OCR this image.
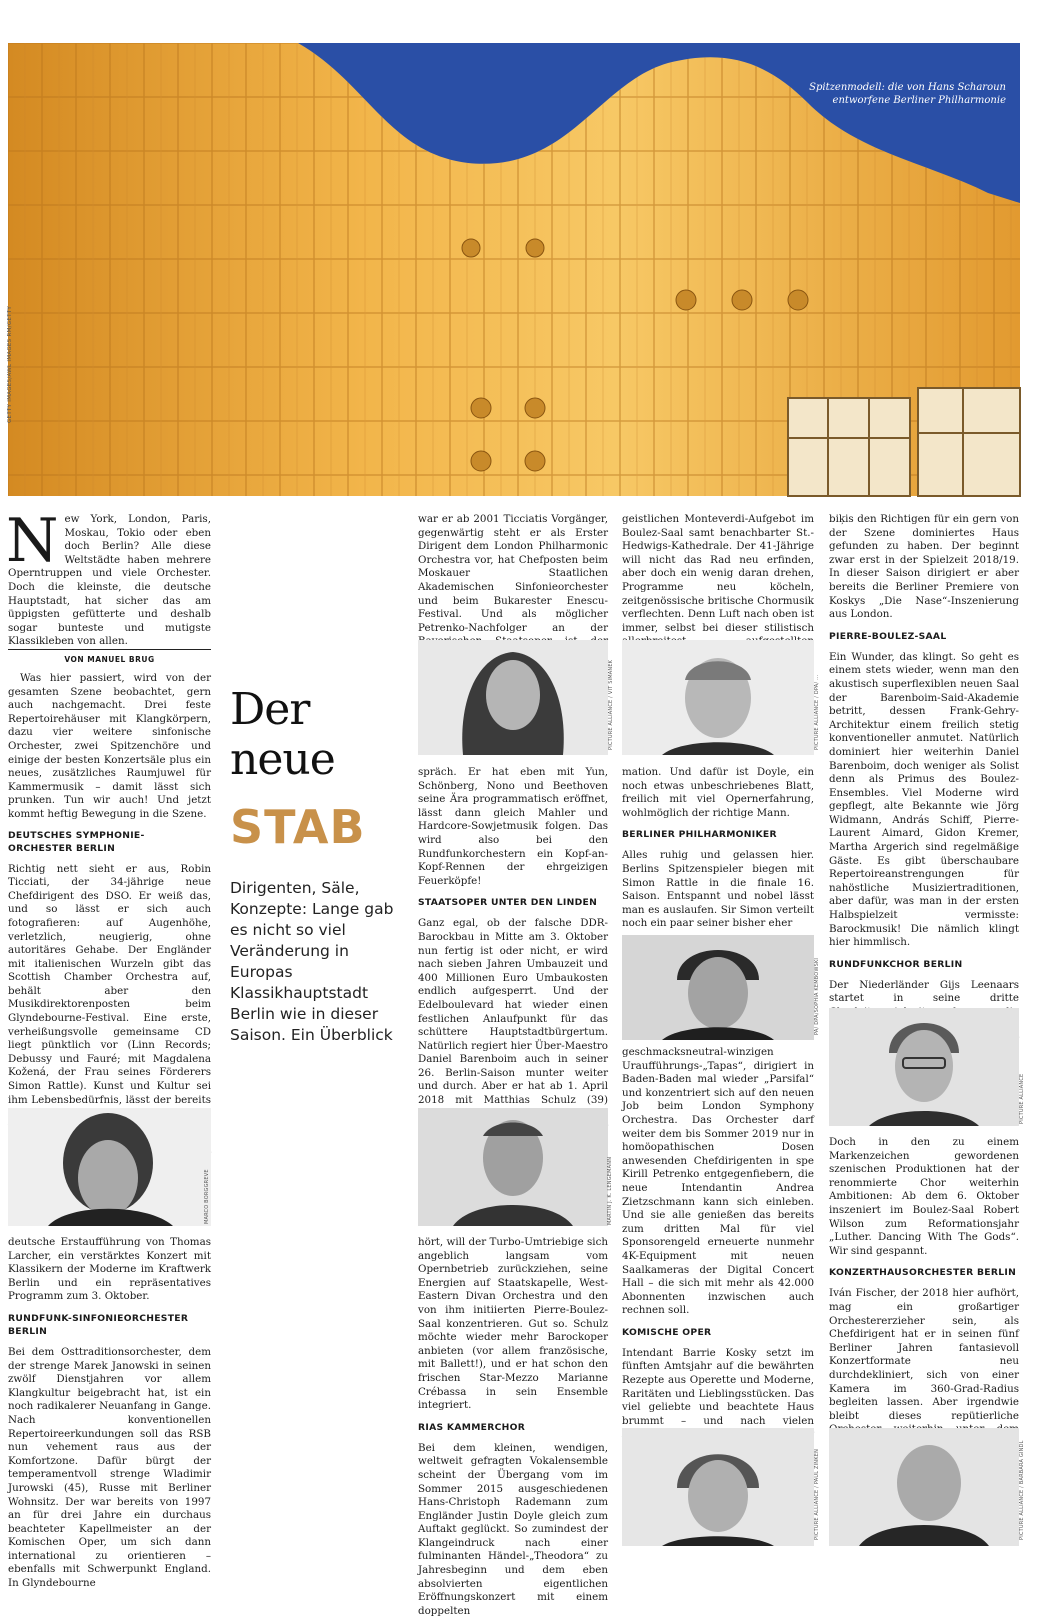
Spitzenmodell: die von Hans Scharoun
entworfene Berliner Philharmonie
GETTY IMAGES/AWL IMAGES RM/GETTY

New York, London, Paris, Moskau, Tokio oder eben doch Berlin? Alle diese Weltstädte haben mehrere Operntruppen und viele Orchester. Doch die kleinste, die deutsche Hauptstadt, hat sicher das am üppigsten gefütterte und deshalb sogar bunteste und mutigste Klassikleben von allen.

VON MANUEL BRUG

Was hier passiert, wird von der gesamten Szene beobachtet, gern auch nachgemacht. Drei feste Repertoirehäuser mit Klangkörpern, dazu vier weitere sinfonische Orchester, zwei Spitzenchöre und einige der besten Konzertsäle plus ein neues, zusätzliches Raumjuwel für Kammermusik – damit lässt sich prunken. Tun wir auch! Und jetzt kommt heftig Bewegung in die Szene.

DEUTSCHES SYMPHONIE-

ORCHESTER BERLIN

Richtig nett sieht er aus, Robin Ticciati, der 34-jährige neue Chefdirigent des DSO. Er weiß das, und so lässt er sich auch fotografieren: auf Augenhöhe, verletzlich, neugierig, ohne autoritäres Gehabe. Der Engländer mit italienischen Wurzeln gibt das Scottish Chamber Orchestra auf, behält aber den Musikdirektorenposten beim Glyndebourne-Festival. Eine erste, verheißungsvolle gemeinsame CD liegt pünktlich vor (Linn Records; Debussy und Fauré; mit Magdalena Kožená, der Frau seines Förderers Simon Rattle). Kunst und Kultur sei ihm Lebensbedürfnis, lässt der bereits

MARCO BORGGREVE

deutsche Erstaufführung von Thomas Larcher, ein verstärktes Konzert mit Klassikern der Moderne im Kraftwerk Berlin und ein repräsentatives Programm zum 3. Oktober.

RUNDFUNK-SINFONIEORCHESTER

BERLIN

Bei dem Osttraditionsorchester, dem der strenge Marek Janowski in seinen zwölf Dienstjahren vor allem Klangkultur beigebracht hat, ist ein noch radikalerer Neuanfang in Gange. Nach konventionellen Repertoireerkundungen soll das RSB nun vehement raus aus der Komfortzone. Dafür bürgt der temperamentvoll strenge Wladimir Jurowski (45), Russe mit Berliner Wohnsitz. Der war bereits von 1997 an für drei Jahre ein durchaus beachteter Kapellmeister an der Komischen Oper, um sich dann international zu orientieren – ebenfalls mit Schwerpunkt England. In Glyndebourne

Der
neue
STAB
Dirigenten, Säle, Konzepte: Lange gab es nicht so viel Veränderung in Europas Klassikhauptstadt Berlin wie in dieser Saison. Ein Überblick

war er ab 2001 Ticciatis Vorgänger, gegenwärtig steht er als Erster Dirigent dem London Philharmonic Orchestra vor, hat Chefposten beim Moskauer Staatlichen Akademischen Sinfonieorchester und beim Bukarester Enescu-Festival. Und als möglicher Petrenko-Nachfolger an der

PICTURE ALLIANCE / VIT SIMANEK

spräch. Er hat eben mit Yun, Schönberg, Nono und Beethoven seine Ära programmatisch eröffnet, lässt dann gleich Mahler und Hardcore-Sowjetmusik folgen. Das wird also bei den Rundfunkorchestern ein Kopf-an-Kopf-Rennen der ehrgeizigen Feuerköpfe!

STAATSOPER UNTER DEN LINDEN

Ganz egal, ob der falsche DDR-Barockbau in Mitte am 3. Oktober nun fertig ist oder nicht, er wird nach sieben Jahren Umbauzeit und 400 Millionen Euro Umbaukosten endlich aufgesperrt. Und der Edelboulevard hat wieder einen festlichen Anlaufpunkt für das schüttere Hauptstadtbürgertum. Natürlich regiert hier Über-Maestro Daniel Barenboim auch in seiner 26. Berlin-Saison munter weiter und durch. Aber er hat ab 1. April 2018 mit Matthias Schulz (39)

MARTIN J. K. LENGEMANN

hört, will der Turbo-Umtriebige sich angeblich langsam vom Opernbetrieb zurückziehen, seine Energien auf Staatskapelle, West-Eastern Divan Orchestra und den von ihm initiierten Pierre-Boulez-Saal konzentrieren. Gut so. Schulz möchte wieder mehr Barockoper anbieten (vor allem französische, mit Ballett!), und er hat schon den frischen Star-Mezzo Marianne Crébassa in sein Ensemble integriert.

RIAS KAMMERCHOR

Bei dem kleinen, wendigen, weltweit gefragten Vokalensemble scheint der Übergang vom im Sommer 2015 ausgeschiedenen Hans-Christoph Rademann zum Engländer Justin Doyle gleich zum Auftakt geglückt. So zumindest der Klangeindruck nach einer fulminanten Händel-„Theodora“ zu Jahresbeginn und dem eben absolvierten eigentlichen Eröffnungskonzert mit einem doppelten

geistlichen Monteverdi-Aufgebot im Boulez-Saal samt benachbarter St.-Hedwigs-Kathedrale. Der 41-Jährige will nicht das Rad neu erfinden, aber doch ein wenig daran drehen, Programme neu köcheln, zeitgenössische britische Chormusik verflechten. Denn Luft nach oben ist immer, selbst bei dieser stilistisch

PICTURE ALLIANCE / DPA/ ...

mation. Und dafür ist Doyle, ein noch etwas unbeschriebenes Blatt, freilich mit viel Opernerfahrung, wohlmöglich der richtige Mann.

BERLINER PHILHARMONIKER

Alles ruhig und gelassen hier. Berlins Spitzenspieler biegen mit Simon Rattle in die finale 16. Saison. Entspannt und nobel lässt man es auslaufen. Sir Simon verteilt noch ein paar seiner bisher eher

PA/ DPA/SOPHIA KEMBOWSKI

geschmacksneutral-winzigen Uraufführungs-„Tapas“, dirigiert in Baden-Baden mal wieder „Parsifal“ und konzentriert sich auf den neuen Job beim London Symphony Orchestra. Das Orchester darf weiter dem bis Sommer 2019 nur in homöopathischen Dosen anwesenden Chefdirigenten in spe Kirill Petrenko entgegenfiebern, die neue Intendantin Andrea Zietzschmann kann sich einleben. Und sie alle genießen das bereits zum dritten Mal für viel Sponsorengeld erneuerte nunmehr 4K-Equipment mit neuen Saalkameras der Digital Concert Hall – die sich mit mehr als 42.000 Abonnenten inzwischen auch rechnen soll.

KOMISCHE OPER

Intendant Barrie Kosky setzt im fünften Amtsjahr auf die bewährten Rezepte aus Operette und Moderne, Raritäten und Lieblingsstücken. Das viel geliebte und beachtete Haus brummt – und nach vielen

PICTURE ALLIANCE / PAUL ZINKEN

biķis den Richtigen für ein gern von der Szene dominiertes Haus gefunden zu haben. Der beginnt zwar erst in der Spielzeit 2018/19. In dieser Saison dirigiert er aber bereits die Berliner Premiere von Koskys „Die Nase“-Inszenierung aus London.

PIERRE-BOULEZ-SAAL

Ein Wunder, das klingt. So geht es einem stets wieder, wenn man den akustisch superflexiblen neuen Saal der Barenboim-Said-Akademie betritt, dessen Frank-Gehry-Architektur einem freilich stetig konventioneller anmutet. Natürlich dominiert hier weiterhin Daniel Barenboim, doch weniger als Solist denn als Primus des Boulez-Ensembles. Viel Moderne wird gepflegt, alte Bekannte wie Jörg Widmann, András Schiff, Pierre-Laurent Aimard, Gidon Kremer, Martha Argerich sind regelmäßige Gäste. Es gibt überschaubare Repertoireanstrengungen für nahöstliche Musiziertraditionen, aber dafür, was man in der ersten Halbspielzeit vermisste: Barockmusik! Die nämlich klingt hier himmlisch.

RUNDFUNKCHOR BERLIN

Der Niederländer Gijs Leenaars startet in seine dritte

PICTURE ALLIANCE

Doch in den zu einem Markenzeichen gewordenen szenischen Produktionen hat der renommierte Chor weiterhin Ambitionen: Ab dem 6. Oktober inszeniert im Boulez-Saal Robert Wilson zum Reformationsjahr „Luther. Dancing With The Gods“. Wir sind gespannt.

KONZERTHAUSORCHESTER BERLIN

Iván Fischer, der 2018 hier aufhört, mag ein großartiger Orchestererzieher sein, als Chefdirigent hat er in seinen fünf Berliner Jahren fantasievoll Konzertformate neu durchdekliniert, sich von einer Kamera im 360-Grad-Radius begleiten lassen. Aber irgendwie bleibt dieses repütierliche

PICTURE ALLIANCE / BARBARA GINDL
